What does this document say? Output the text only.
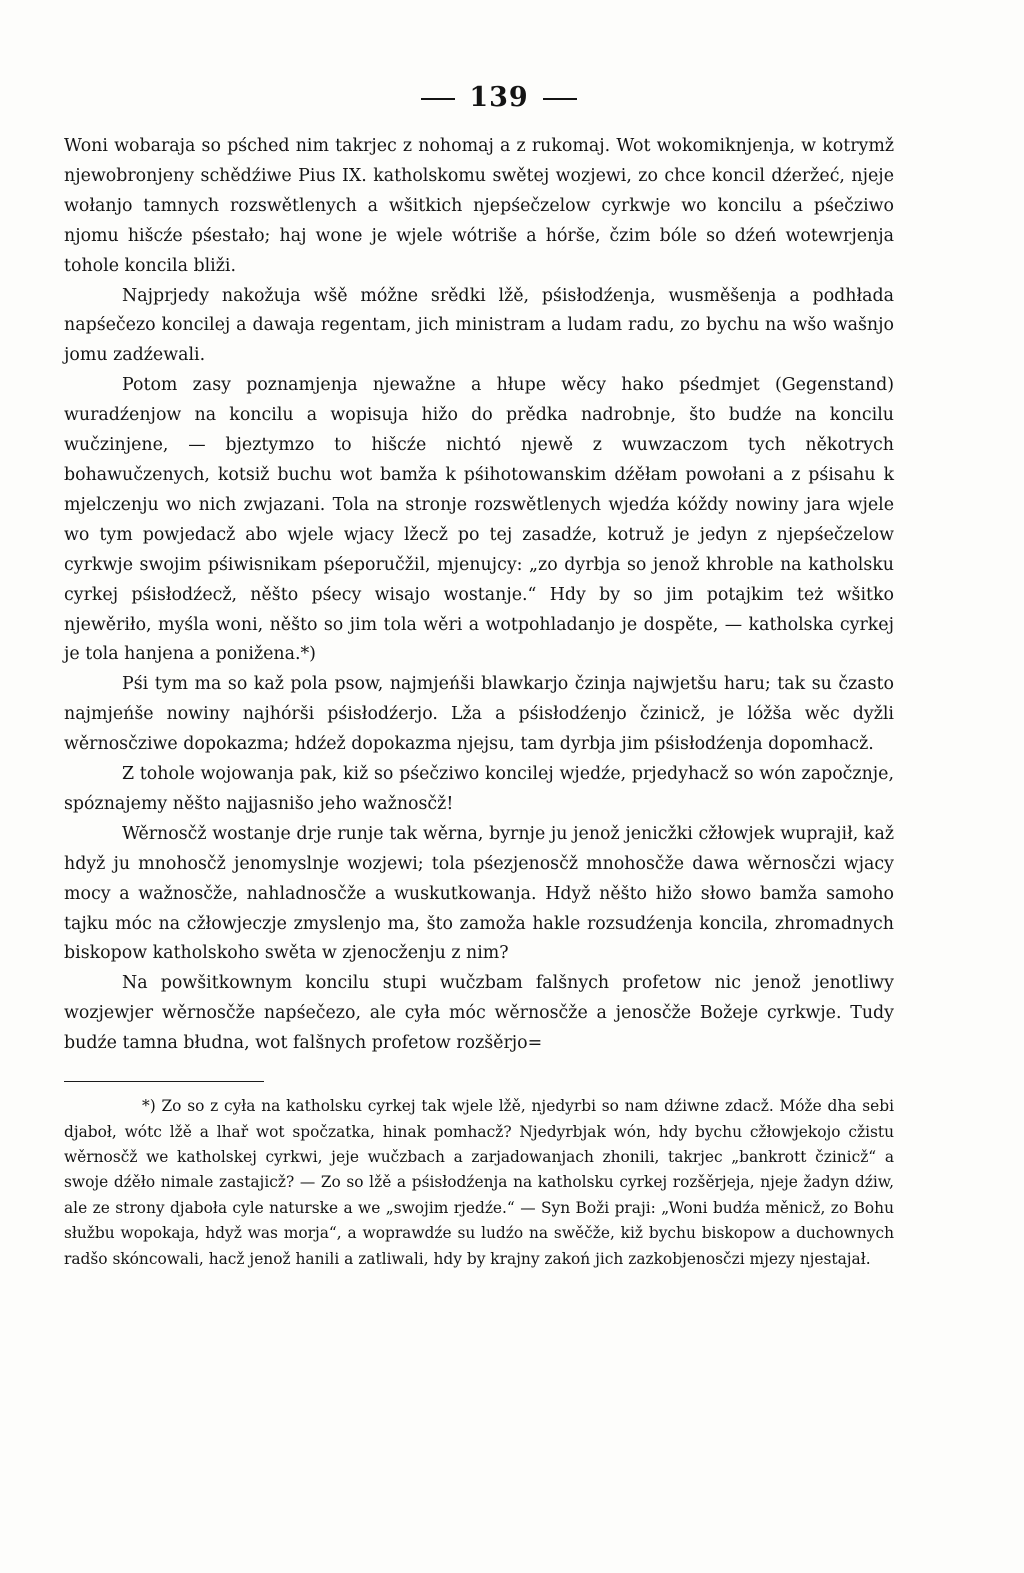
139

Woni wobaraja so pśched nim takrjec z nohomaj a z rukomaj. Wot wokomiknjenja, w kotrymž njewobronjeny schědźiwe Pius IX. katholskomu swětej wozjewi, zo chce koncil dźeržeć, njeje wołanjo tamnych rozswětlenych a wšitkich njepśečzelow cyrkwje wo koncilu a pśečziwo njomu hišcźe pśestało; haj wone je wjele wótriše a hórše, čzim bóle so dźeń wotewrjenja tohole koncila bliži.

Najprjedy nakožuja wšě móžne srědki lžě, pśisłodźenja, wusměšenja a podhłada napśečezo koncilej a dawaja regentam, jich ministram a ludam radu, zo bychu na wšo wašnjo jomu zadźewali.

Potom zasy poznamjenja njewažne a hłupe wěcy hako pśedmjet (Gegenstand) wuradźenjow na koncilu a wopisuja hižo do prědka nadrobnje, što budźe na koncilu wučzinjene, — bjeztymzo to hišcźe nichtó njewě z wuwzaczom tych někotrych bohawučzenych, kotsiž buchu wot bamža k pśihotowanskim dźěłam powołani a z pśisahu k mjelczenju wo nich zwjazani. Tola na stronje rozswětlenych wjedźa kóždy nowiny jara wjele wo tym powjedacž abo wjele wjacy lžecž po tej zasadźe, kotruž je jedyn z njepśečzelow cyrkwje swojim pśiwisnikam pśeporučžil, mjenujcy: „zo dyrbja so jenož khroble na katholsku cyrkej pśisłodźecž, něšto pśecy wisajo wostanje.“ Hdy by so jim potajkim też wšitko njewěriło, myśla woni, něšto so jim tola wěri a wotpohladanjo je dospěte, — katholska cyrkej je tola hanjena a ponižena.*)

Pśi tym ma so kaž pola psow, najmjeńši blawkarjo čzinja najwjetšu haru; tak su čzasto najmjeńše nowiny najhórši pśisłodźerjo. Lža a pśisłodźenjo čzinicž, je lóžša wěc dyžli wěrnosčziwe dopokazma; hdźež dopokazma njejsu, tam dyrbja jim pśisłodźenja dopomhacž.

Z tohole wojowanja pak, kiž so pśečziwo koncilej wjedźe, prjedyhacž so wón započznje, spóznajemy něšto najjasnišo jeho wažnosčž!

Wěrnosčž wostanje drje runje tak wěrna, byrnje ju jenož jenicžki cžłowjek wuprajił, kaž hdyž ju mnohosčž jenomyslnje wozjewi; tola pśezjenosčž mnohosčže dawa wěrnosčzi wjacy mocy a wažnosčže, nahladnosčže a wuskutkowanja. Hdyž něšto hižo słowo bamža samoho tajku móc na cžłowjeczje zmyslenjo ma, što zamoža hakle rozsudźenja koncila, zhromadnych biskopow katholskoho swěta w zjenocženju z nim?

Na powšitkownym koncilu stupi wučzbam falšnych profetow nic jenož jenotliwy wozjewjer wěrnosčže napśečezo, ale cyła móc wěrnosčže a jenosčže Božeje cyrkwje. Tudy budźe tamna błudna, wot falšnych profetow rozšěrjo=

*) Zo so z cyła na katholsku cyrkej tak wjele lžě, njedyrbi so nam dźiwne zdacž. Móže dha sebi djaboł, wótc lžě a lhař wot spočzatka, hinak pomhacž? Njedyrbjak wón, hdy bychu cžłowjekojo cžistu wěrnosčž we katholskej cyrkwi, jeje wučzbach a zarjadowanjach zhonili, takrjec „bankrott čzinicž“ a swoje dźěło nimale zastajicž? — Zo so lžě a pśisłodźenja na katholsku cyrkej rozšěrjeja, njeje žadyn dźiw, ale ze strony djaboła cyle naturske a we „swojim rjedźe.“ — Syn Boži praji: „Woni budźa měnicž, zo Bohu słužbu wopokaja, hdyž was morja“, a woprawdźe su ludźo na swěčže, kiž bychu biskopow a duchownych radšo skóncowali, hacž jenož hanili a zatliwali, hdy by krajny zakoń jich zazkobjenosčzi mjezy njestajał.
